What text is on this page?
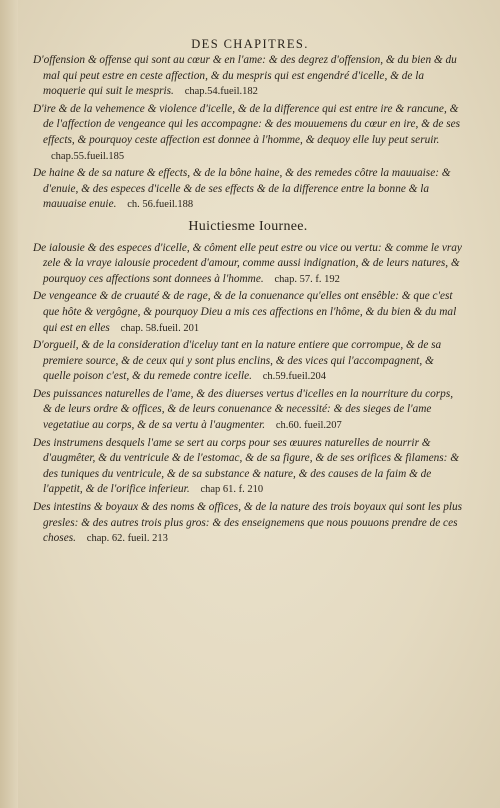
DES CHAPITRES.
D'offension & offense qui sont au cœur & en l'ame: & des degrez d'offension, & du bien & du mal qui peut estre en ceste affection, & du mespris qui est engendré d'icelle, & de la moquerie qui suit le mespris. chap.54.fueil.182
D'ire & de la vehemence & violence d'icelle, & de la difference qui est entre ire & rancune, & de l'affection de vengeance qui les accompagne: & des mouuemens du cœur en ire, & de ses effects, & pourquoy ceste affection est donnee à l'homme, & dequoy elle luy peut seruir. chap.55.fueil.185
De haine & de sa nature & effects, & de la bône haine, & des remedes côtre la mauuaise: & d'enuie, & des especes d'icelle & de ses effects & de la difference entre la bonne & la mauuaise enuie. ch. 56.fueil.188
Huictiesme Iournee.
De ialousie & des especes d'icelle, & côment elle peut estre ou vice ou vertu: & comme le vray zele & la vraye ialousie procedent d'amour, comme aussi indignation, & de leurs natures, & pourquoy ces affections sont donnees à l'homme. chap. 57. f. 192
De vengeance & de cruauté & de rage, & de la conuenance qu'elles ont ensêble: & que c'est que hôte & vergôgne, & pourquoy Dieu a mis ces affections en l'hôme, & du bien & du mal qui est en elles chap. 58.fueil. 201
D'orgueil, & de la consideration d'iceluy tant en la nature entiere que corrompue, & de sa premiere source, & de ceux qui y sont plus enclins, & des vices qui l'accompagnent, & quelle poison c'est, & du remede contre icelle. ch.59.fueil.204
Des puissances naturelles de l'ame, & des diuerses vertus d'icelles en la nourriture du corps, & de leurs ordre & offices, & de leurs conuenance & necessité: & des sieges de l'ame vegetatiue au corps, & de sa vertu à l'augmenter. ch.60. fueil.207
Des instrumens desquels l'ame se sert au corps pour ses œuures naturelles de nourrir & d'augmêter, & du ventricule & de l'estomac, & de sa figure, & de ses orifices & filamens: & des tuniques du ventricule, & de sa substance & nature, & des causes de la faim & de l'appetit, & de l'orifice inferieur. chap 61. f. 210
Des intestins & boyaux & des noms & offices, & de la nature des trois boyaux qui sont les plus gresles: & des autres trois plus gros: & des enseignemens que nous pouuons prendre de ces choses. chap. 62. fueil. 213
